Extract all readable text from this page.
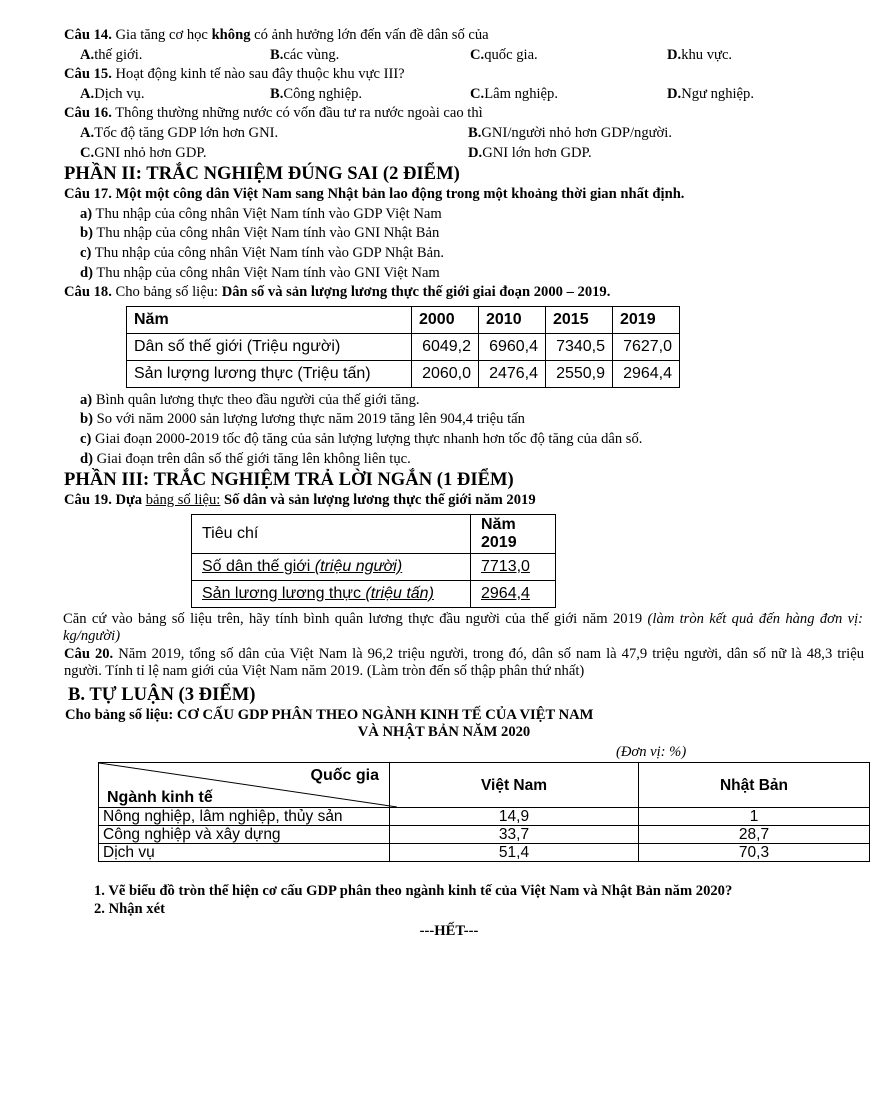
Câu 14. Gia tăng cơ học không có ảnh hưởng lớn đến vấn đề dân số của
A.thế giới.	B.các vùng.	C.quốc gia.	D.khu vực.
Câu 15. Hoạt động kinh tế nào sau đây thuộc khu vực III?
A.Dịch vụ.	B.Công nghiệp.	C.Lâm nghiệp.	D.Ngư nghiệp.
Câu 16. Thông thường những nước có vốn đầu tư ra nước ngoài cao thì
A.Tốc độ tăng GDP lớn hơn GNI.	B.GNI/người nhỏ hơn GDP/người.
C.GNI nhỏ hơn GDP.	D.GNI lớn hơn GDP.
PHẦN II: TRẮC NGHIỆM ĐÚNG SAI (2 ĐIỂM)
Câu 17. Một một công dân Việt Nam sang Nhật bản lao động trong một khoảng thời gian nhất định.
a) Thu nhập của công nhân Việt Nam tính vào GDP Việt Nam
b) Thu nhập của công nhân Việt Nam tính vào GNI Nhật Bản
c) Thu nhập của công nhân Việt Nam tính vào GDP Nhật Bản.
d) Thu nhập của công nhân Việt Nam tính vào GNI Việt Nam
Câu 18. Cho bảng số liệu: Dân số và sản lượng lương thực thế giới giai đoạn 2000 – 2019.
Năm	2000	2010	2015	2019
Dân số thế giới (Triệu người)	6049,2	6960,4	7340,5	7627,0
Sản lượng lương thực (Triệu tấn)	2060,0	2476,4	2550,9	2964,4
a) Bình quân lương thực theo đầu người của thế giới tăng.
b) So với năm 2000 sản lượng lương thực năm 2019 tăng lên 904,4 triệu tấn
c) Giai đoạn 2000-2019 tốc độ tăng của sản lượng lượng thực nhanh hơn tốc độ tăng của dân số.
d) Giai đoạn trên dân số thế giới tăng lên không liên tục.
PHẦN III: TRẮC NGHIỆM TRẢ LỜI NGẮN (1 ĐIỂM)
Câu 19. Dựa bảng số liệu: Số dân và sản lượng lương thực thế giới năm 2019
Tiêu chí	Năm 2019
Số dân thế giới (triệu người)	7713,0
Sản lương lương thực (triệu tấn)	2964,4
Căn cứ vào bảng số liệu trên, hãy tính bình quân lương thực đầu người của thế giới năm 2019 (làm tròn kết quả đến hàng đơn vị: kg/người)
Câu 20. Năm 2019, tổng số dân của Việt Nam là 96,2 triệu người, trong đó, dân số nam là 47,9 triệu người, dân số nữ là 48,3 triệu người. Tính tỉ lệ nam giới của Việt Nam năm 2019. (Làm tròn đến số thập phân thứ nhất)
B. TỰ LUẬN (3 ĐIỂM)
Cho bảng số liệu: CƠ CẤU GDP PHÂN THEO NGÀNH KINH TẾ CỦA VIỆT NAM
VÀ NHẬT BẢN NĂM 2020
(Đơn vị: %)
Quốc gia
Ngành kinh tế	Việt Nam	Nhật Bản
Nông nghiệp, lâm nghiệp, thủy sản	14,9	1
Công nghiệp và xây dựng	33,7	28,7
Dịch vụ	51,4	70,3
1. Vẽ biểu đồ tròn thể hiện cơ cấu GDP phân theo ngành kinh tế của Việt Nam và Nhật Bản năm 2020?
2. Nhận xét
---HẾT---
